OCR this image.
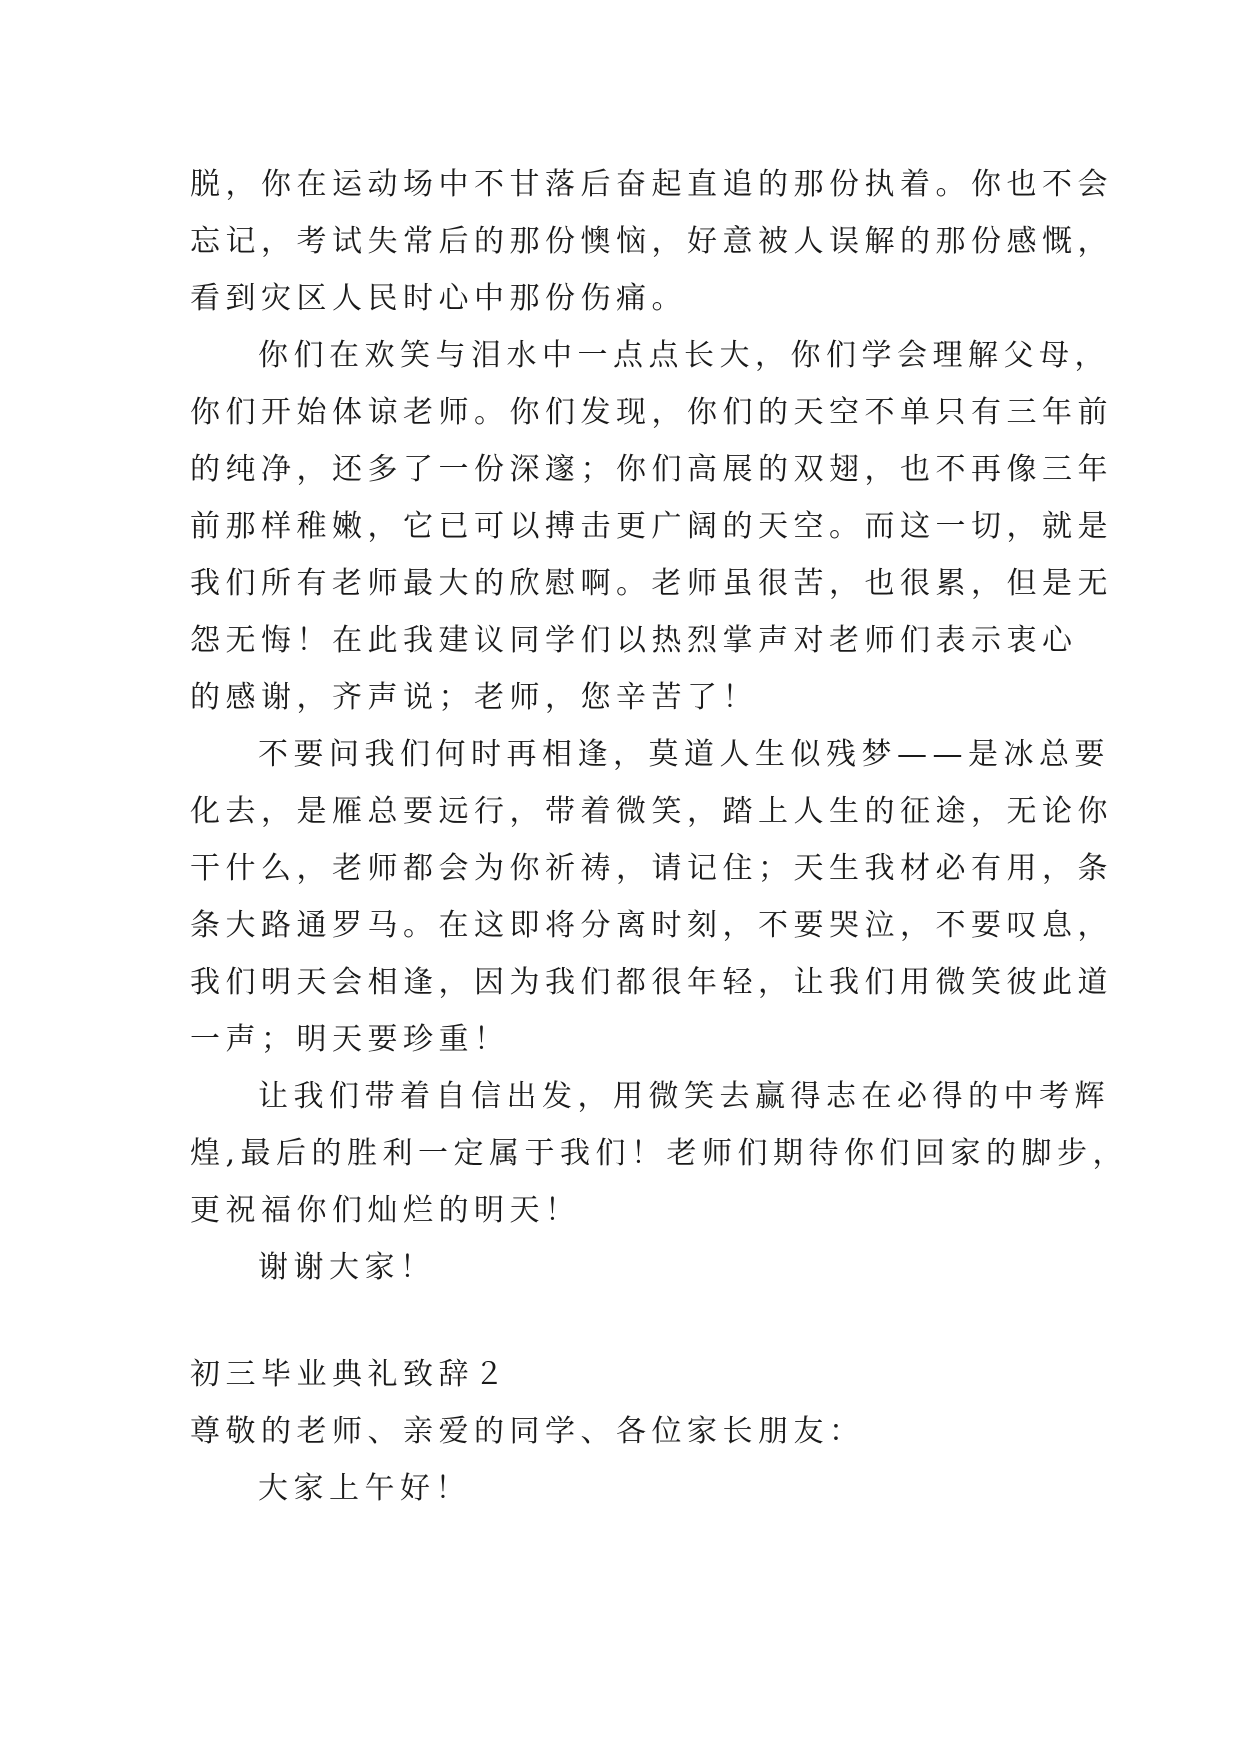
脱，你在运动场中不甘落后奋起直追的那份执着。你也不会
忘记，考试失常后的那份懊恼，好意被人误解的那份感慨，
看到灾区人民时心中那份伤痛。
你们在欢笑与泪水中一点点长大，你们学会理解父母，
你们开始体谅老师。你们发现，你们的天空不单只有三年前
的纯净，还多了一份深邃；你们高展的双翅，也不再像三年
前那样稚嫩，它已可以搏击更广阔的天空。而这一切，就是
我们所有老师最大的欣慰啊。老师虽很苦，也很累，但是无
怨无悔！在此我建议同学们以热烈掌声对老师们表示衷心
的感谢，齐声说；老师，您辛苦了！
不要问我们何时再相逢，莫道人生似残梦——是冰总要
化去，是雁总要远行，带着微笑，踏上人生的征途，无论你
干什么，老师都会为你祈祷，请记住；天生我材必有用，条
条大路通罗马。在这即将分离时刻，不要哭泣，不要叹息，
我们明天会相逢，因为我们都很年轻，让我们用微笑彼此道
一声；明天要珍重！
让我们带着自信出发，用微笑去赢得志在必得的中考辉
煌,最后的胜利一定属于我们！老师们期待你们回家的脚步，
更祝福你们灿烂的明天！
谢谢大家！
初三毕业典礼致辞２
尊敬的老师、亲爱的同学、各位家长朋友：
大家上午好！
